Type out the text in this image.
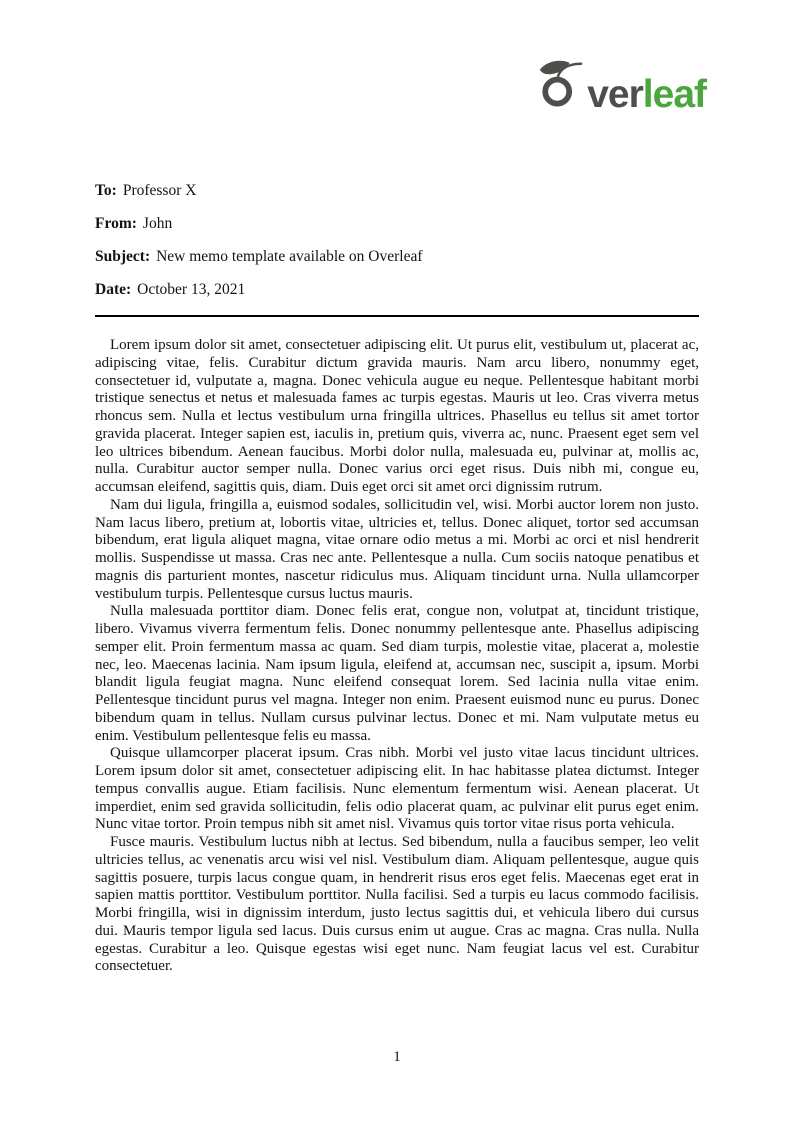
verleaf
To: Professor X
From: John
Subject: New memo template available on Overleaf
Date: October 13, 2021

Lorem ipsum dolor sit amet, consectetuer adipiscing elit. Ut purus elit, vestibulum ut, placerat ac, adipiscing vitae, felis. Curabitur dictum gravida mauris. Nam arcu libero, nonummy eget, consectetuer id, vulputate a, magna. Donec vehicula augue eu neque. Pellentesque habitant morbi tristique senectus et netus et malesuada fames ac turpis egestas. Mauris ut leo. Cras viverra metus rhoncus sem. Nulla et lectus vestibulum urna fringilla ultrices. Phasellus eu tellus sit amet tortor gravida placerat. Integer sapien est, iaculis in, pretium quis, viverra ac, nunc. Praesent eget sem vel leo ultrices bibendum. Aenean faucibus. Morbi dolor nulla, malesuada eu, pulvinar at, mollis ac, nulla. Curabitur auctor semper nulla. Donec varius orci eget risus. Duis nibh mi, congue eu, accumsan eleifend, sagittis quis, diam. Duis eget orci sit amet orci dignissim rutrum.

Nam dui ligula, fringilla a, euismod sodales, sollicitudin vel, wisi. Morbi auctor lorem non justo. Nam lacus libero, pretium at, lobortis vitae, ultricies et, tellus. Donec aliquet, tortor sed accumsan bibendum, erat ligula aliquet magna, vitae ornare odio metus a mi. Morbi ac orci et nisl hendrerit mollis. Suspendisse ut massa. Cras nec ante. Pellentesque a nulla. Cum sociis natoque penatibus et magnis dis parturient montes, nascetur ridiculus mus. Aliquam tincidunt urna. Nulla ullamcorper vestibulum turpis. Pellentesque cursus luctus mauris.

Nulla malesuada porttitor diam. Donec felis erat, congue non, volutpat at, tincidunt tristique, libero. Vivamus viverra fermentum felis. Donec nonummy pellentesque ante. Phasellus adipiscing semper elit. Proin fermentum massa ac quam. Sed diam turpis, molestie vitae, placerat a, molestie nec, leo. Maecenas lacinia. Nam ipsum ligula, eleifend at, accumsan nec, suscipit a, ipsum. Morbi blandit ligula feugiat magna. Nunc eleifend consequat lorem. Sed lacinia nulla vitae enim. Pellentesque tincidunt purus vel magna. Integer non enim. Praesent euismod nunc eu purus. Donec bibendum quam in tellus. Nullam cursus pulvinar lectus. Donec et mi. Nam vulputate metus eu enim. Vestibulum pellentesque felis eu massa.

Quisque ullamcorper placerat ipsum. Cras nibh. Morbi vel justo vitae lacus tincidunt ultrices. Lorem ipsum dolor sit amet, consectetuer adipiscing elit. In hac habitasse platea dictumst. Integer tempus convallis augue. Etiam facilisis. Nunc elementum fermentum wisi. Aenean placerat. Ut imperdiet, enim sed gravida sollicitudin, felis odio placerat quam, ac pulvinar elit purus eget enim. Nunc vitae tortor. Proin tempus nibh sit amet nisl. Vivamus quis tortor vitae risus porta vehicula.

Fusce mauris. Vestibulum luctus nibh at lectus. Sed bibendum, nulla a faucibus semper, leo velit ultricies tellus, ac venenatis arcu wisi vel nisl. Vestibulum diam. Aliquam pellentesque, augue quis sagittis posuere, turpis lacus congue quam, in hendrerit risus eros eget felis. Maecenas eget erat in sapien mattis porttitor. Vestibulum porttitor. Nulla facilisi. Sed a turpis eu lacus commodo facilisis. Morbi fringilla, wisi in dignissim interdum, justo lectus sagittis dui, et vehicula libero dui cursus dui. Mauris tempor ligula sed lacus. Duis cursus enim ut augue. Cras ac magna. Cras nulla. Nulla egestas. Curabitur a leo. Quisque egestas wisi eget nunc. Nam feugiat lacus vel est. Curabitur consectetuer.

1
